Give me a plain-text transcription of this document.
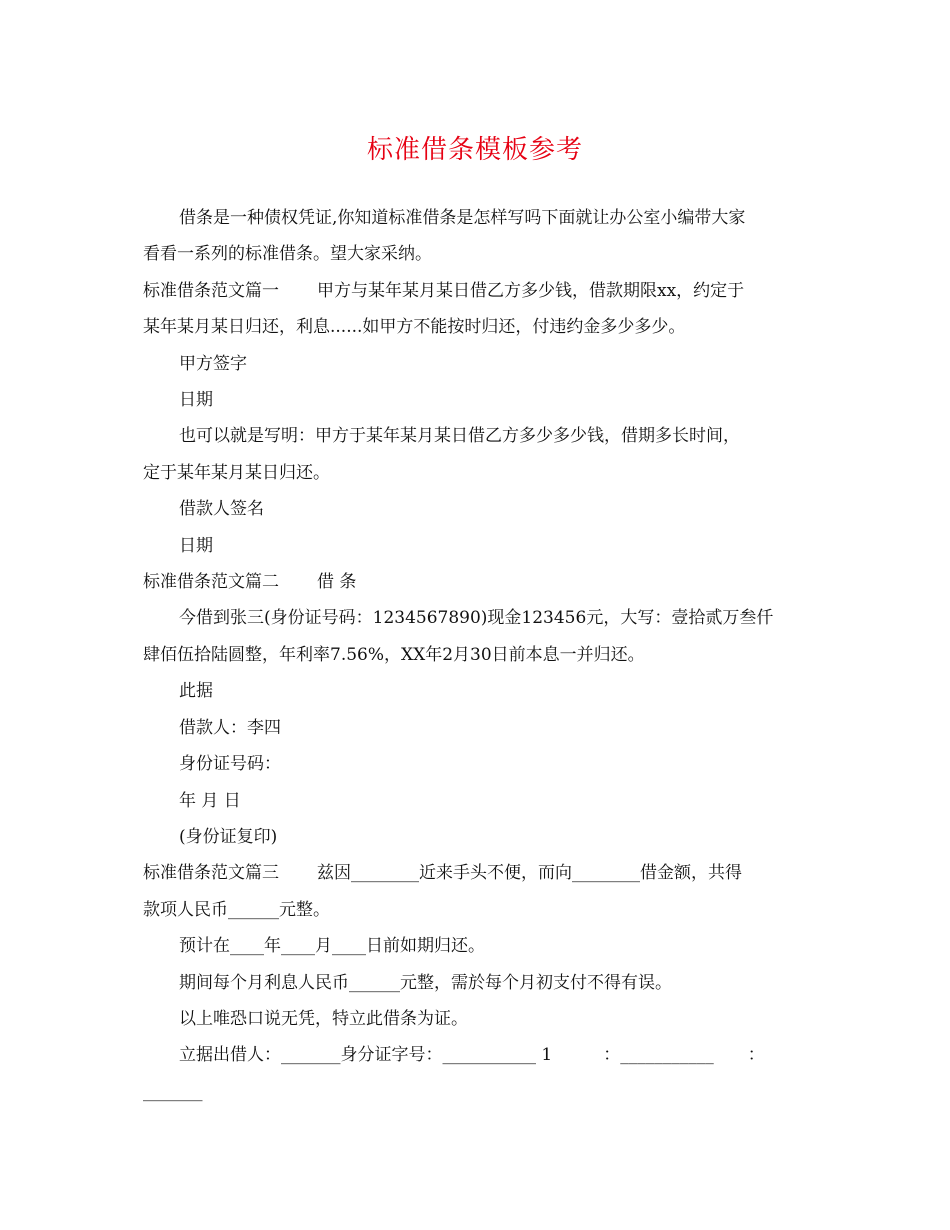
标准借条模板参考

借条是一种债权凭证,你知道标准借条是怎样写吗下面就让办公室小编带大家

看看一系列的标准借条。望大家采纳。

标准借条范文篇一 甲方与某年某月某日借乙方多少钱，借款期限xx，约定于

某年某月某日归还，利息......如甲方不能按时归还，付违约金多少多少。

甲方签字

日期

也可以就是写明：甲方于某年某月某日借乙方多少多少钱，借期多长时间，

定于某年某月某日归还。

借款人签名

日期

标准借条范文篇二 借 条

今借到张三(身份证号码：1234567890)现金123456元，大写：壹拾贰万叁仟

肆佰伍拾陆圆整，年利率7.56%，XX年2月30日前本息一并归还。

此据

借款人：李四

身份证号码：

年 月 日

(身份证复印)

标准借条范文篇三 兹因________近来手头不便，而向________借金额，共得

款项人民币______元整。

预计在____年____月____日前如期归还。

期间每个月利息人民币______元整，需於每个月初支付不得有误。

以上唯恐口说无凭，特立此借条为证。

立据出借人：_______身分证字号：___________ 1　　　：___________　　：

_______
